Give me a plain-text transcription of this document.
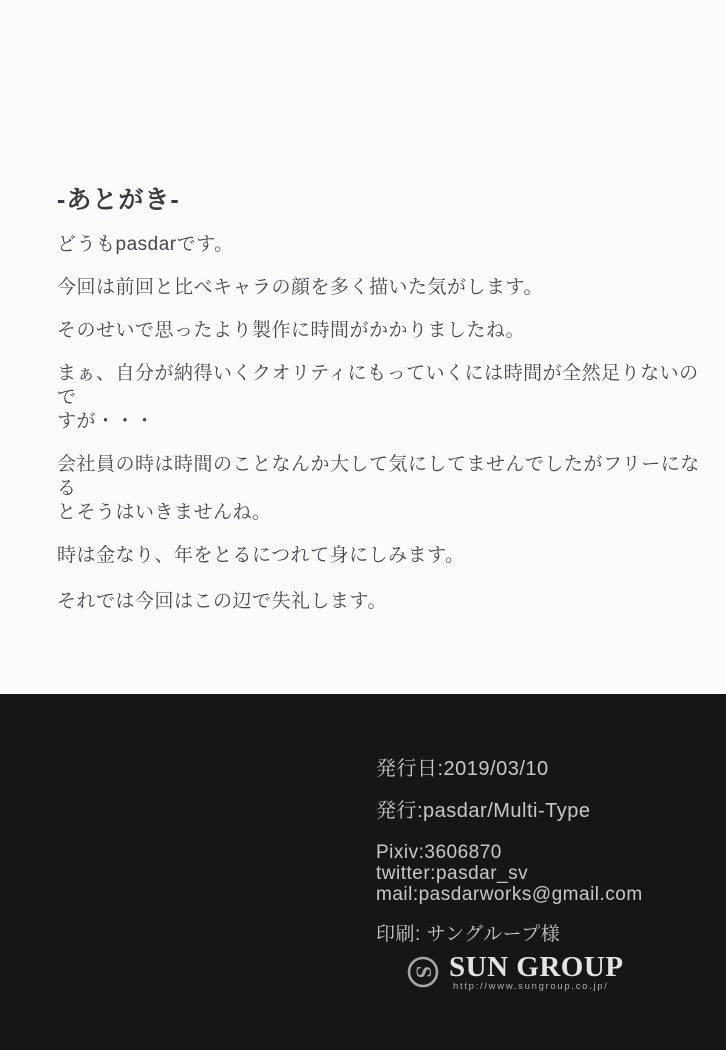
-あとがき-

どうもpasdarです。

今回は前回と比べキャラの顔を多く描いた気がします。

そのせいで思ったより製作に時間がかかりましたね。

まぁ、自分が納得いくクオリティにもっていくには時間が全然足りないので
すが・・・

会社員の時は時間のことなんか大して気にしてませんでしたがフリーになる
とそうはいきませんね。

時は金なり、年をとるにつれて身にしみます。

それでは今回はこの辺で失礼します。

発行日:2019/03/10
発行:pasdar/Multi-Type
Pixiv:3606870
twitter:pasdar_sv
mail:pasdarworks@gmail.com
印刷: サングループ様
S SUN GROUP
http://www.sungroup.co.jp/
